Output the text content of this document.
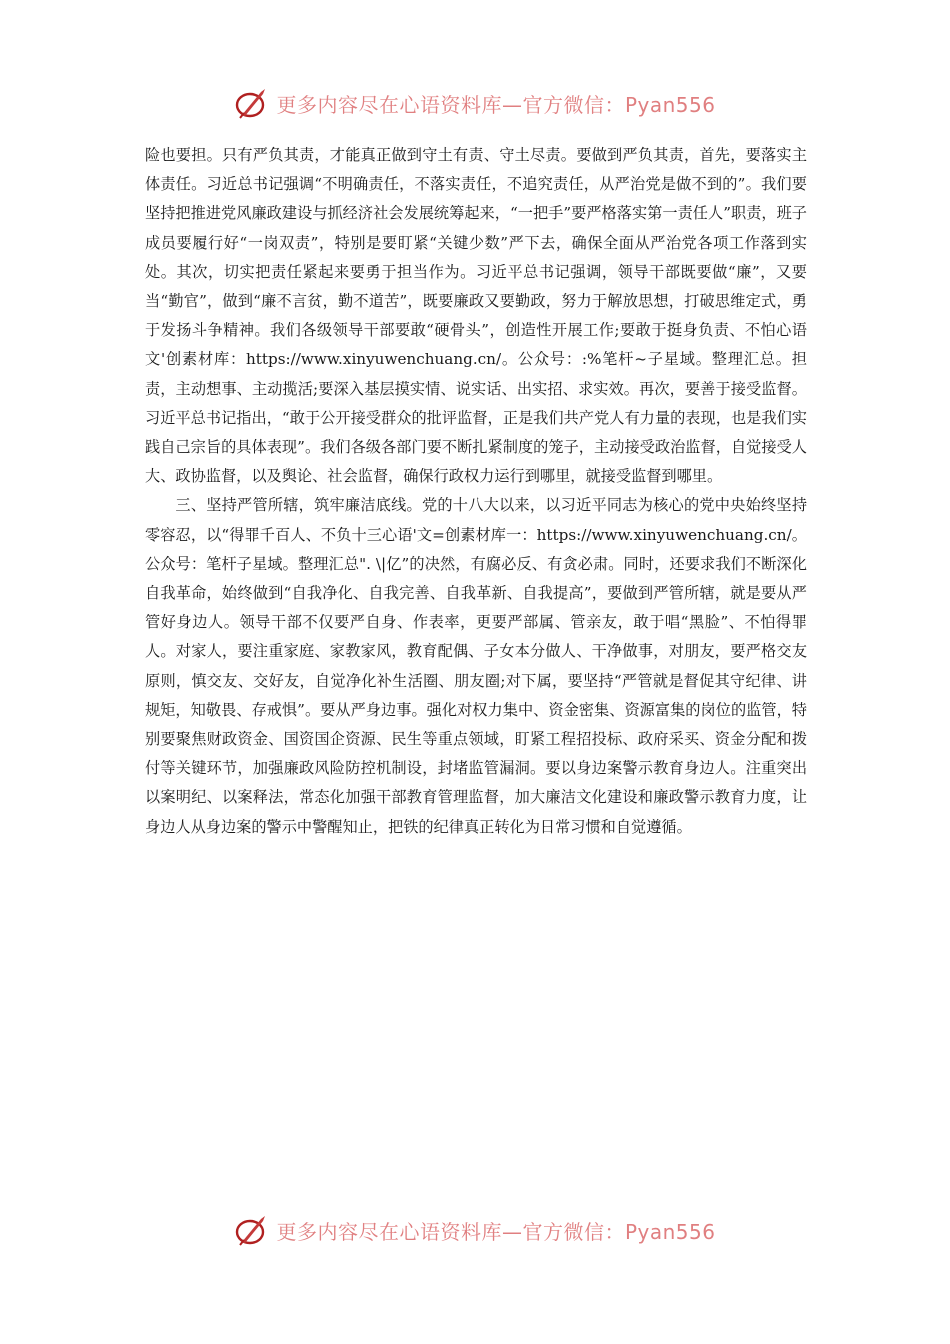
更多内容尽在心语资料库—官方微信：Pyan556

险也要担。只有严负其责，才能真正做到守土有责、守土尽责。要做到严负其责，首先，要落实主体责任。习近总书记强调“不明确责任，不落实责任，不追究责任，从严治党是做不到的”。我们要坚持把推进党风廉政建设与抓经济社会发展统筹起来，“一把手”要严格落实第一责任人”职责，班子成员要履行好“一岗双责”，特别是要盯紧“关键少数”严下去，确保全面从严治党各项工作落到实处。其次，切实把责任紧起来要勇于担当作为。习近平总书记强调，领导干部既要做“廉”，又要当“勤官”，做到“廉不言贫，勤不道苦”，既要廉政又要勤政，努力于解放思想，打破思维定式，勇于发扬斗争精神。我们各级领导干部要敢“硬骨头”，创造性开展工作;要敢于挺身负责、不怕心语文'创素材库：https://www.xinyuwenchuang.cn/。公众号：:%笔杆~子星域。整理汇总。担责，主动想事、主动揽活;要深入基层摸实情、说实话、出实招、求实效。再次，要善于接受监督。习近平总书记指出，“敢于公开接受群众的批评监督，正是我们共产党人有力量的表现，也是我们实践自己宗旨的具体表现”。我们各级各部门要不断扎紧制度的笼子，主动接受政治监督，自觉接受人大、政协监督，以及舆论、社会监督，确保行政权力运行到哪里，就接受监督到哪里。

三、坚持严管所辖，筑牢廉洁底线。党的十八大以来，以习近平同志为核心的党中央始终坚持零容忍，以“得罪千百人、不负十三心语'文=创素材库一：https://www.xinyuwenchuang.cn/。公众号：笔杆子星域。整理汇总". \|亿”的决然，有腐必反、有贪必肃。同时，还要求我们不断深化自我革命，始终做到“自我净化、自我完善、自我革新、自我提高”，要做到严管所辖，就是要从严管好身边人。领导干部不仅要严自身、作表率，更要严部属、管亲友，敢于唱“黑脸”、不怕得罪人。对家人，要注重家庭、家教家风，教育配偶、子女本分做人、干净做事，对朋友，要严格交友原则，慎交友、交好友，自觉净化补生活圈、朋友圈;对下属，要坚持“严管就是督促其守纪律、讲规矩，知敬畏、存戒惧”。要从严身边事。强化对权力集中、资金密集、资源富集的岗位的监管，特别要聚焦财政资金、国资国企资源、民生等重点领域，盯紧工程招投标、政府采买、资金分配和拨付等关键环节，加强廉政风险防控机制设，封堵监管漏洞。要以身边案警示教育身边人。注重突出以案明纪、以案释法，常态化加强干部教育管理监督，加大廉洁文化建设和廉政警示教育力度，让身边人从身边案的警示中警醒知止，把铁的纪律真正转化为日常习惯和自觉遵循。

更多内容尽在心语资料库—官方微信：Pyan556
